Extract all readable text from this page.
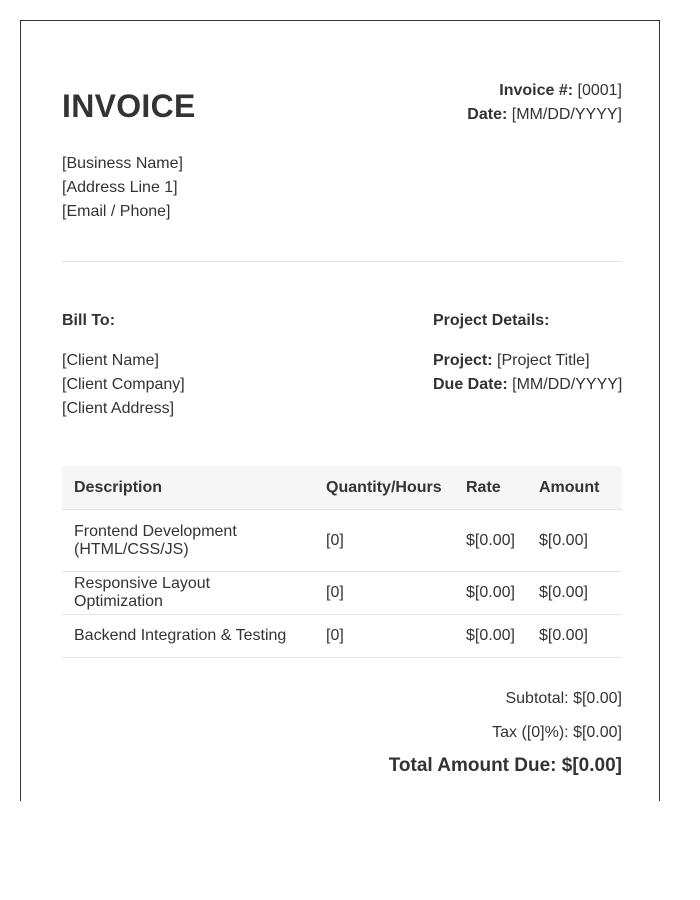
INVOICE	Invoice #: [0001]
Date: [MM/DD/YYYY]
[Business Name]
[Address Line 1]
[Email / Phone]
Bill To:
[Client Name]
[Client Company]
[Client Address]
Project Details:
Project: [Project Title]
Due Date: [MM/DD/YYYY]
Description	Quantity/Hours	Rate	Amount
Frontend Development (HTML/CSS/JS)	[0]	$[0.00]	$[0.00]
Responsive Layout Optimization	[0]	$[0.00]	$[0.00]
Backend Integration & Testing	[0]	$[0.00]	$[0.00]
Subtotal: $[0.00]
Tax ([0]%): $[0.00]
Total Amount Due: $[0.00]
